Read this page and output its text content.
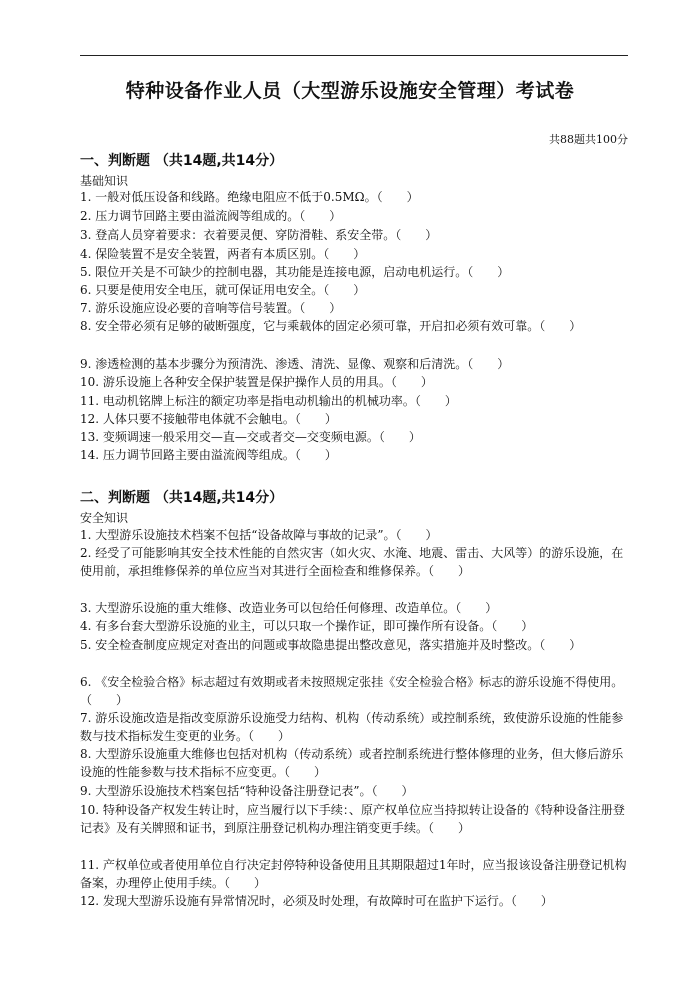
特种设备作业人员（大型游乐设施安全管理）考试卷
共88题共100分
一、判断题 （共14题,共14分）
基础知识
1. 一般对低压设备和线路。绝缘电阻应不低于0.5MΩ。（　　）
2. 压力调节回路主要由溢流阀等组成的。（　　）
3. 登高人员穿着要求：衣着要灵便、穿防滑鞋、系安全带。（　　）
4. 保险装置不是安全装置，两者有本质区别。（　　）
5. 限位开关是不可缺少的控制电器，其功能是连接电源，启动电机运行。（　　）
6. 只要是使用安全电压，就可保证用电安全。（　　）
7. 游乐设施应设必要的音响等信号装置。（　　）
8. 安全带必须有足够的破断强度，它与乘载体的固定必须可靠，开启扣必须有效可靠。（　　）
9. 渗透检测的基本步骤分为预清洗、渗透、清洗、显像、观察和后清洗。（　　）
10. 游乐设施上各种安全保护装置是保护操作人员的用具。（　　）
11. 电动机铭牌上标注的额定功率是指电动机输出的机械功率。（　　）
12. 人体只要不接触带电体就不会触电。（　　）
13. 变频调速一般采用交—直—交或者交—交变频电源。（　　）
14. 压力调节回路主要由溢流阀等组成。（　　）
二、判断题 （共14题,共14分）
安全知识
1. 大型游乐设施技术档案不包括“设备故障与事故的记录”。（　　）
2. 经受了可能影响其安全技术性能的自然灾害（如火灾、水淹、地震、雷击、大风等）的游乐设施，在使用前，承担维修保养的单位应当对其进行全面检查和维修保养。（　　）
3. 大型游乐设施的重大维修、改造业务可以包给任何修理、改造单位。（　　）
4. 有多台套大型游乐设施的业主，可以只取一个操作证，即可操作所有设备。（　　）
5. 安全检查制度应规定对查出的问题或事故隐患提出整改意见，落实措施并及时整改。（　　）
6. 《安全检验合格》标志超过有效期或者未按照规定张挂《安全检验合格》标志的游乐设施不得使用。（　　）
7. 游乐设施改造是指改变原游乐设施受力结构、机构（传动系统）或控制系统，致使游乐设施的性能参数与技术指标发生变更的业务。（　　）
8. 大型游乐设施重大维修也包括对机构（传动系统）或者控制系统进行整体修理的业务，但大修后游乐设施的性能参数与技术指标不应变更。（　　）
9. 大型游乐设施技术档案包括“特种设备注册登记表”。（　　）
10. 特种设备产权发生转让时，应当履行以下手续：、原产权单位应当持拟转让设备的《特种设备注册登记表》及有关牌照和证书，到原注册登记机构办理注销变更手续。（　　）
11. 产权单位或者使用单位自行决定封停特种设备使用且其期限超过1年时，应当报该设备注册登记机构备案，办理停止使用手续。（　　）
12. 发现大型游乐设施有异常情况时，必须及时处理，有故障时可在监护下运行。（　　）
